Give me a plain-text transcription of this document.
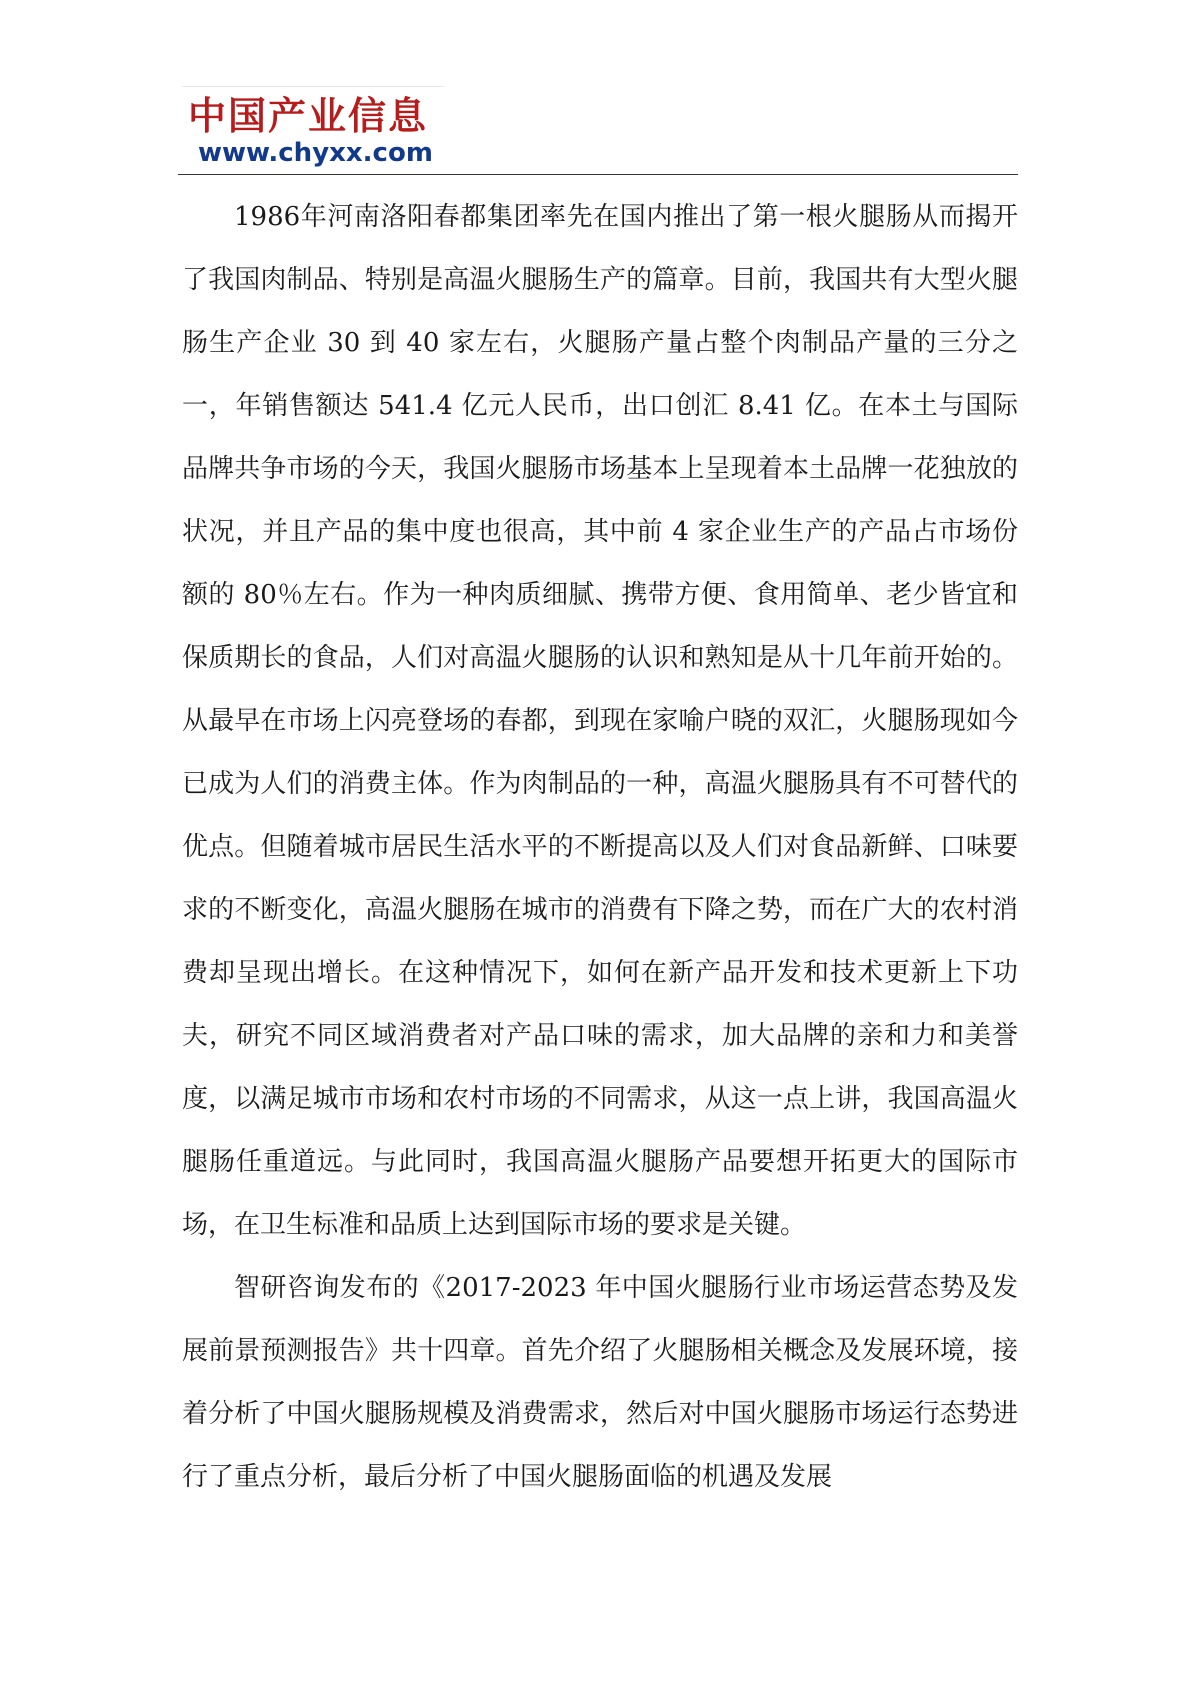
中国产业信息
www.chyxx.com

1986年河南洛阳春都集团率先在国内推出了第一根火腿肠从而揭开了我国肉制品、特别是高温火腿肠生产的篇章。目前，我国共有大型火腿肠生产企业 30 到 40 家左右，火腿肠产量占整个肉制品产量的三分之一，年销售额达 541.4 亿元人民币，出口创汇 8.41 亿。在本土与国际品牌共争市场的今天，我国火腿肠市场基本上呈现着本土品牌一花独放的状况，并且产品的集中度也很高，其中前 4 家企业生产的产品占市场份额的 80％左右。作为一种肉质细腻、携带方便、食用简单、老少皆宜和保质期长的食品，人们对高温火腿肠的认识和熟知是从十几年前开始的。从最早在市场上闪亮登场的春都，到现在家喻户晓的双汇，火腿肠现如今已成为人们的消费主体。作为肉制品的一种，高温火腿肠具有不可替代的优点。但随着城市居民生活水平的不断提高以及人们对食品新鲜、口味要求的不断变化，高温火腿肠在城市的消费有下降之势，而在广大的农村消费却呈现出增长。在这种情况下，如何在新产品开发和技术更新上下功夫，研究不同区域消费者对产品口味的需求，加大品牌的亲和力和美誉度，以满足城市市场和农村市场的不同需求，从这一点上讲，我国高温火腿肠任重道远。与此同时，我国高温火腿肠产品要想开拓更大的国际市场，在卫生标准和品质上达到国际市场的要求是关键。

智研咨询发布的《2017-2023 年中国火腿肠行业市场运营态势及发展前景预测报告》共十四章。首先介绍了火腿肠相关概念及发展环境，接着分析了中国火腿肠规模及消费需求，然后对中国火腿肠市场运行态势进行了重点分析，最后分析了中国火腿肠面临的机遇及发展
